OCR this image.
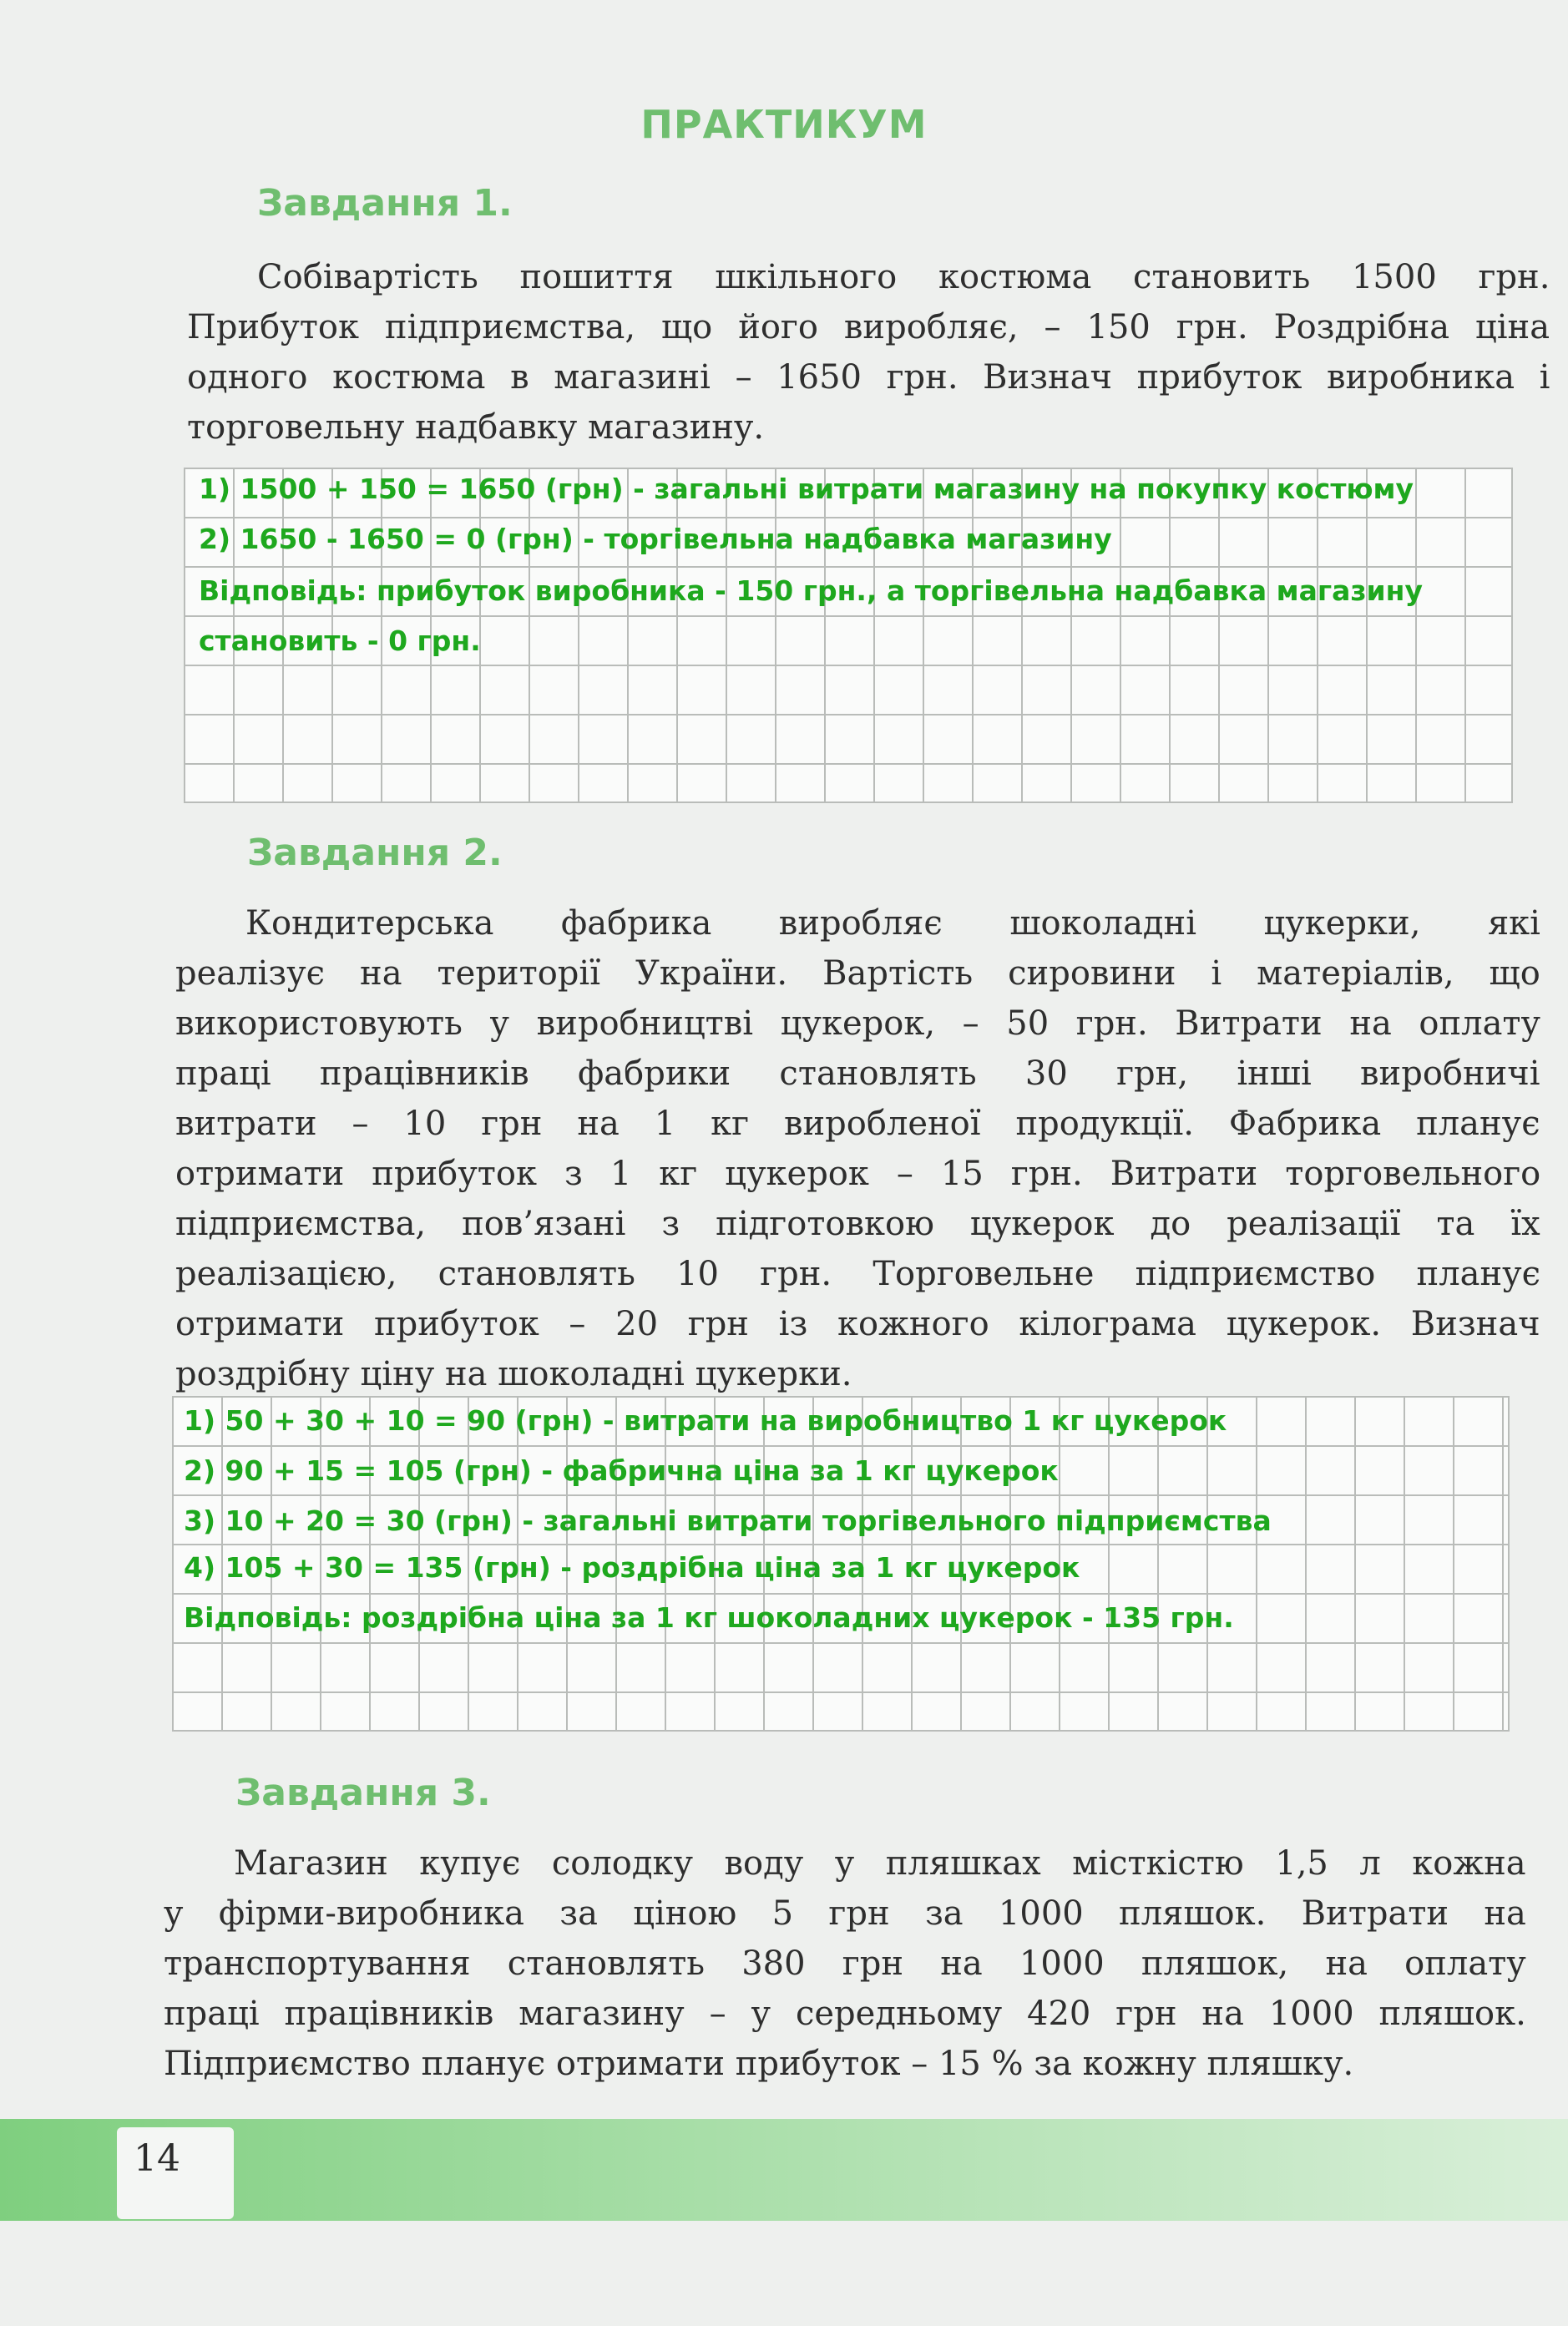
ПРАКТИКУМ
Завдання 1.
Собівартість пошиття шкільного костюма становить 1500 грн.
Прибуток підприємства, що його виробляє, – 150 грн. Роздрібна ціна
одного костюма в магазині – 1650 грн. Визнач прибуток виробника і
торговельну надбавку магазину.
1) 1500 + 150 = 1650 (грн) - загальні витрати магазину на покупку костюму
2) 1650 - 1650 = 0 (грн) - торгівельна надбавка магазину
Відповідь: прибуток виробника - 150 грн., а торгівельна надбавка магазину
становить - 0 грн.
Завдання 2.
Кондитерська фабрика виробляє шоколадні цукерки, які
реалізує на території України. Вартість сировини і матеріалів, що
використовують у виробництві цукерок, – 50 грн. Витрати на оплату
праці працівників фабрики становлять 30 грн, інші виробничі
витрати – 10 грн на 1 кг виробленої продукції. Фабрика планує
отримати прибуток з 1 кг цукерок – 15 грн. Витрати торговельного
підприємства, пов’язані з підготовкою цукерок до реалізації та їх
реалізацією, становлять 10 грн. Торговельне підприємство планує
отримати прибуток – 20 грн із кожного кілограма цукерок. Визнач
роздрібну ціну на шоколадні цукерки.
1) 50 + 30 + 10 = 90 (грн) - витрати на виробництво 1 кг цукерок
2) 90 + 15 = 105 (грн) - фабрична ціна за 1 кг цукерок
3) 10 + 20 = 30 (грн) - загальні витрати торгівельного підприємства
4) 105 + 30 = 135 (грн) - роздрібна ціна за 1 кг цукерок
Відповідь: роздрібна ціна за 1 кг шоколадних цукерок - 135 грн.
Завдання 3.
Магазин купує солодку воду у пляшках місткістю 1,5 л кожна
у фірми-виробника за ціною 5 грн за 1000 пляшок. Витрати на
транспортування становлять 380 грн на 1000 пляшок, на оплату
праці працівників магазину – у середньому 420 грн на 1000 пляшок.
Підприємство планує отримати прибуток – 15 % за кожну пляшку.
14
